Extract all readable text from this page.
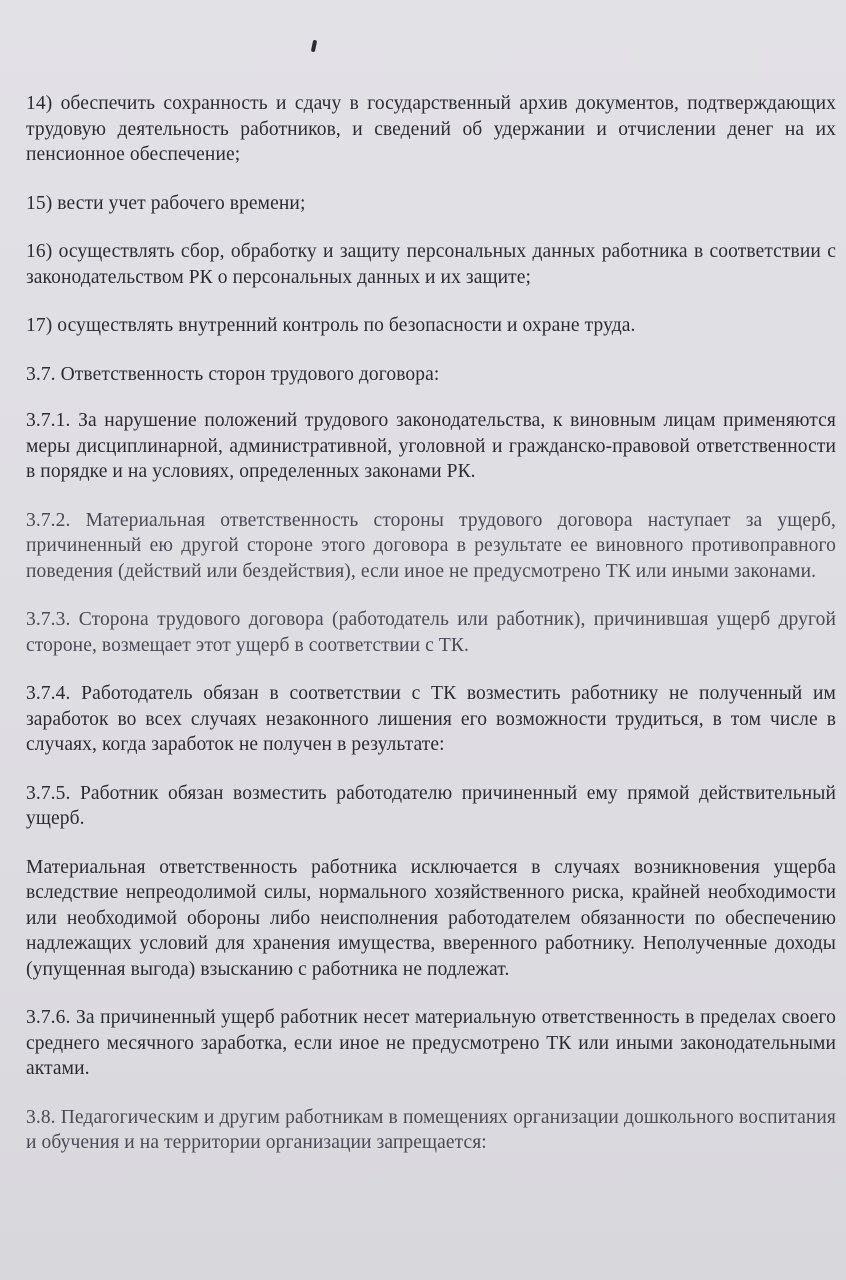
14) обеспечить сохранность и сдачу в государственный архив документов, подтверждающих трудовую деятельность работников, и сведений об удержании и отчислении денег на их пенсионное обеспечение;

15) вести учет рабочего времени;

16) осуществлять сбор, обработку и защиту персональных данных работника в соответствии с законодательством РК о персональных данных и их защите;

17) осуществлять внутренний контроль по безопасности и охране труда.

3.7. Ответственность сторон трудового договора:

3.7.1. За нарушение положений трудового законодательства, к виновным лицам применяются меры дисциплинарной, административной, уголовной и гражданско-правовой ответственности в порядке и на условиях, определенных законами РК.

3.7.2. Материальная ответственность стороны трудового договора наступает за ущерб, причиненный ею другой стороне этого договора в результате ее виновного противоправного поведения (действий или бездействия), если иное не предусмотрено ТК или иными законами.

3.7.3. Сторона трудового договора (работодатель или работник), причинившая ущерб другой стороне, возмещает этот ущерб в соответствии с ТК.

3.7.4. Работодатель обязан в соответствии с ТК возместить работнику не полученный им заработок во всех случаях незаконного лишения его возможности трудиться, в том числе в случаях, когда заработок не получен в результате:

3.7.5. Работник обязан возместить работодателю причиненный ему прямой действительный ущерб.

Материальная ответственность работника исключается в случаях возникновения ущерба вследствие непреодолимой силы, нормального хозяйственного риска, крайней необходимости или необходимой обороны либо неисполнения работодателем обязанности по обеспечению надлежащих условий для хранения имущества, вверенного работнику. Неполученные доходы (упущенная выгода) взысканию с работника не подлежат.

3.7.6. За причиненный ущерб работник несет материальную ответственность в пределах своего среднего месячного заработка, если иное не предусмотрено ТК или иными законодательными актами.

3.8. Педагогическим и другим работникам в помещениях организации дошкольного воспитания и обучения и на территории организации запрещается:
